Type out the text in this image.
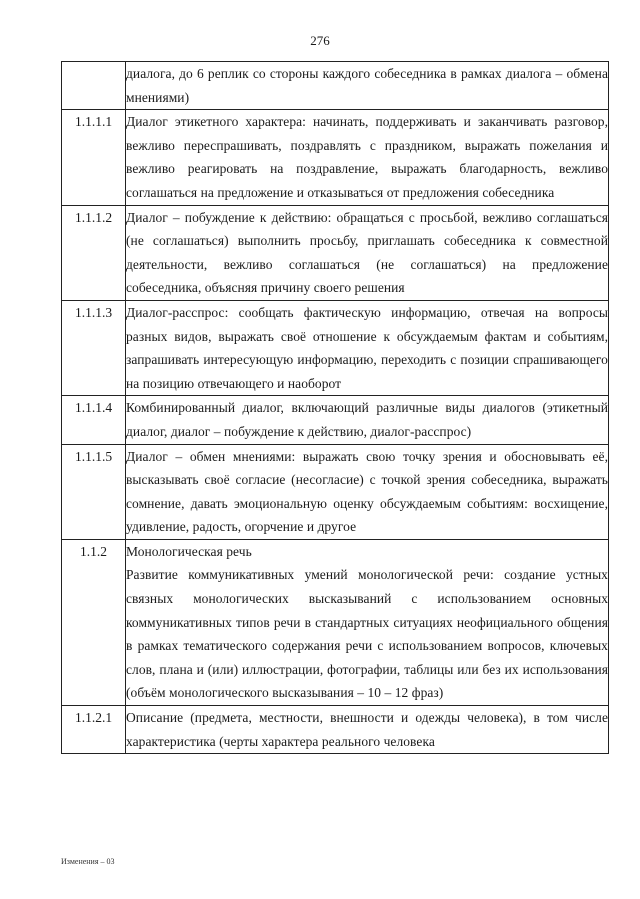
276

	диалога, до 6 реплик со стороны каждого собеседника в рамках диалога – обмена мнениями)

1.1.1.1	Диалог этикетного характера: начинать, поддерживать и заканчивать разговор, вежливо переспрашивать, поздравлять с праздником, выражать пожелания и вежливо реагировать на поздравление, выражать благодарность, вежливо соглашаться на предложение и отказываться от предложения собеседника

1.1.1.2	Диалог – побуждение к действию: обращаться с просьбой, вежливо соглашаться (не соглашаться) выполнить просьбу, приглашать собеседника к совместной деятельности, вежливо соглашаться (не соглашаться) на предложение собеседника, объясняя причину своего решения

1.1.1.3	Диалог-расспрос: сообщать фактическую информацию, отвечая на вопросы разных видов, выражать своё отношение к обсуждаемым фактам и событиям, запрашивать интересующую информацию, переходить с позиции спрашивающего на позицию отвечающего и наоборот

1.1.1.4	Комбинированный диалог, включающий различные виды диалогов (этикетный диалог, диалог – побуждение к действию, диалог-расспрос)

1.1.1.5	Диалог – обмен мнениями: выражать свою точку зрения и обосновывать её, высказывать своё согласие (несогласие) с точкой зрения собеседника, выражать сомнение, давать эмоциональную оценку обсуждаемым событиям: восхищение, удивление, радость, огорчение и другое

1.1.2	Монологическая речь

Развитие коммуникативных умений монологической речи: создание устных связных монологических высказываний с использованием основных коммуникативных типов речи в стандартных ситуациях неофициального общения в рамках тематического содержания речи с использованием вопросов, ключевых слов, плана и (или) иллюстрации, фотографии, таблицы или без их использования (объём монологического высказывания – 10 – 12 фраз)

1.1.2.1	Описание (предмета, местности, внешности и одежды человека), в том числе характеристика (черты характера реального человека

Изменения – 03
